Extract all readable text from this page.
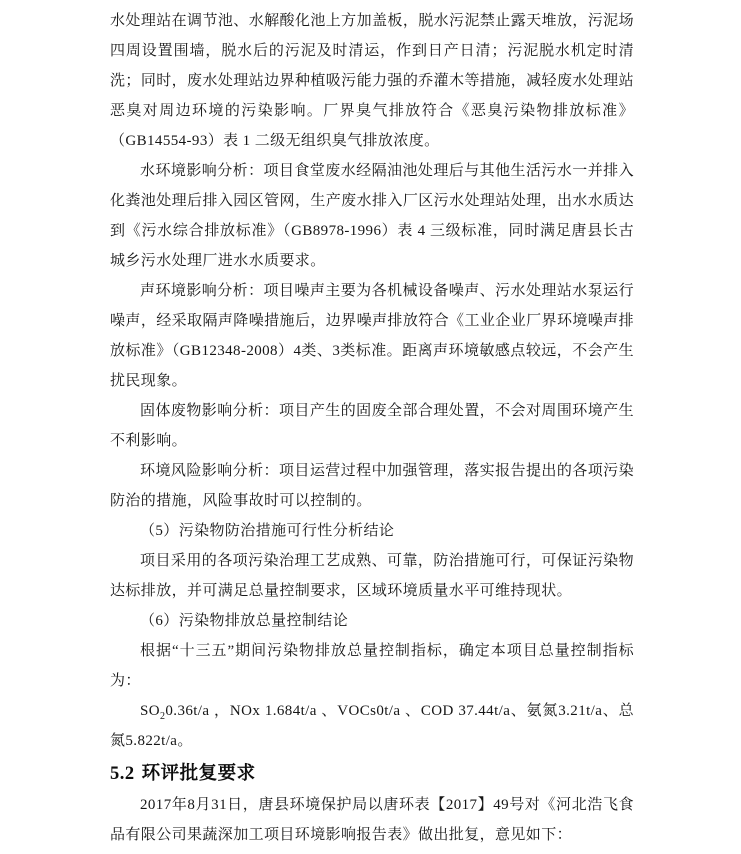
水处理站在调节池、水解酸化池上方加盖板，脱水污泥禁止露天堆放，污泥场四周设置围墙，脱水后的污泥及时清运，作到日产日清；污泥脱水机定时清洗；同时，废水处理站边界种植吸污能力强的乔灌木等措施，减轻废水处理站恶臭对周边环境的污染影响。厂界臭气排放符合《恶臭污染物排放标准》（GB14554-93）表 1 二级无组织臭气排放浓度。

水环境影响分析：项目食堂废水经隔油池处理后与其他生活污水一并排入化粪池处理后排入园区管网，生产废水排入厂区污水处理站处理，出水水质达到《污水综合排放标准》（GB8978-1996）表 4 三级标准，同时满足唐县长古城乡污水处理厂进水水质要求。

声环境影响分析：项目噪声主要为各机械设备噪声、污水处理站水泵运行噪声，经采取隔声降噪措施后，边界噪声排放符合《工业企业厂界环境噪声排放标准》（GB12348-2008）4类、3类标准。距离声环境敏感点较远，不会产生扰民现象。

固体废物影响分析：项目产生的固废全部合理处置，不会对周围环境产生不利影响。

环境风险影响分析：项目运营过程中加强管理，落实报告提出的各项污染防治的措施，风险事故时可以控制的。

（5）污染物防治措施可行性分析结论

项目采用的各项污染治理工艺成熟、可靠，防治措施可行，可保证污染物达标排放，并可满足总量控制要求，区域环境质量水平可维持现状。

（6）污染物排放总量控制结论

根据“十三五”期间污染物排放总量控制指标，确定本项目总量控制指标为：

$SO_20.36t/a$ ，NOx 1.684t/a 、VOCs0t/a 、COD 37.44t/a、氨氮3.21t/a、总氮5.822t/a。

5.2 环评批复要求

2017年8月31日，唐县环境保护局以唐环表【2017】49号对《河北浩飞食品有限公司果蔬深加工项目环境影响报告表》做出批复，意见如下：
